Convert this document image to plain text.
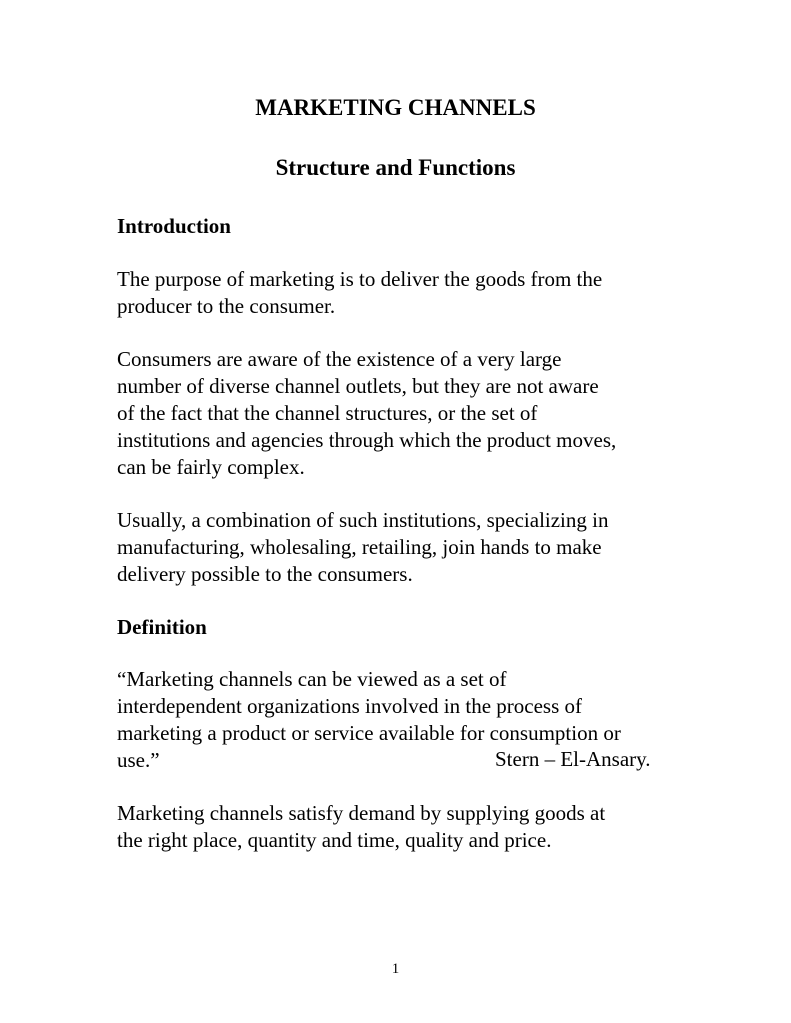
MARKETING CHANNELS
Structure and Functions
Introduction

The purpose of marketing is to deliver the goods from the
producer to the consumer.

Consumers are aware of the existence of a very large
number of diverse channel outlets, but they are not aware
of the fact that the channel structures, or the set of
institutions and agencies through which the product moves,
can be fairly complex.

Usually, a combination of such institutions, specializing in
manufacturing, wholesaling, retailing, join hands to make
delivery possible to the consumers.

Definition

“Marketing channels can be viewed as a set of
interdependent organizations involved in the process of
marketing a product or service available for consumption or
use.”	Stern – El-Ansary.

Marketing channels satisfy demand by supplying goods at
the right place, quantity and time, quality and price.

1
